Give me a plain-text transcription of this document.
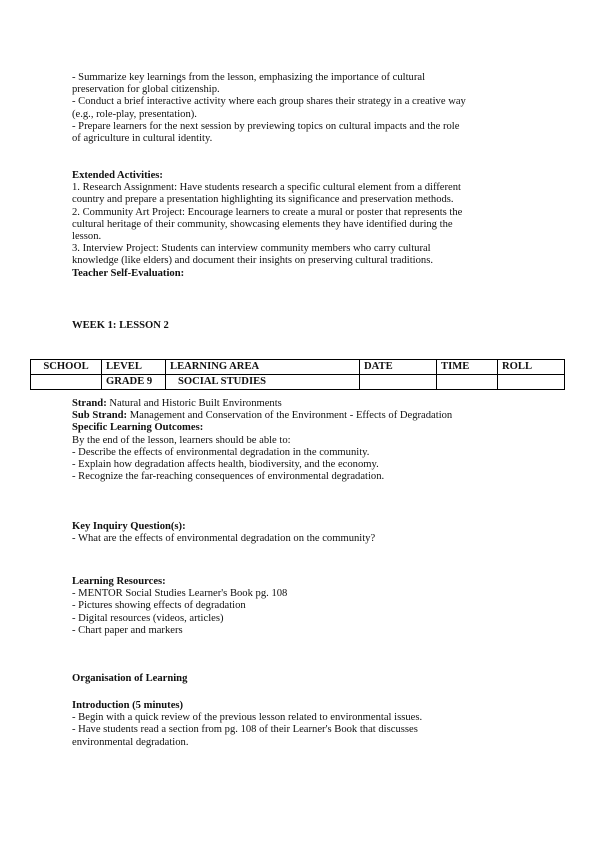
- Summarize key learnings from the lesson, emphasizing the importance of cultural
preservation for global citizenship.
- Conduct a brief interactive activity where each group shares their strategy in a creative way
(e.g., role-play, presentation).
- Prepare learners for the next session by previewing topics on cultural impacts and the role
of agriculture in cultural identity.
Extended Activities:
1. Research Assignment: Have students research a specific cultural element from a different
country and prepare a presentation highlighting its significance and preservation methods.
2. Community Art Project: Encourage learners to create a mural or poster that represents the
cultural heritage of their community, showcasing elements they have identified during the
lesson.
3. Interview Project: Students can interview community members who carry cultural
knowledge (like elders) and document their insights on preserving cultural traditions.
Teacher Self-Evaluation:
WEEK 1: LESSON 2
SCHOOL	LEVEL	LEARNING AREA	DATE	TIME	ROLL
	GRADE 9	SOCIAL STUDIES			
Strand: Natural and Historic Built Environments
Sub Strand: Management and Conservation of the Environment - Effects of Degradation
Specific Learning Outcomes:
By the end of the lesson, learners should be able to:
- Describe the effects of environmental degradation in the community.
- Explain how degradation affects health, biodiversity, and the economy.
- Recognize the far-reaching consequences of environmental degradation.
Key Inquiry Question(s):
- What are the effects of environmental degradation on the community?
Learning Resources:
- MENTOR Social Studies Learner's Book pg. 108
- Pictures showing effects of degradation
- Digital resources (videos, articles)
- Chart paper and markers
Organisation of Learning
Introduction (5 minutes)
- Begin with a quick review of the previous lesson related to environmental issues.
- Have students read a section from pg. 108 of their Learner's Book that discusses
environmental degradation.
